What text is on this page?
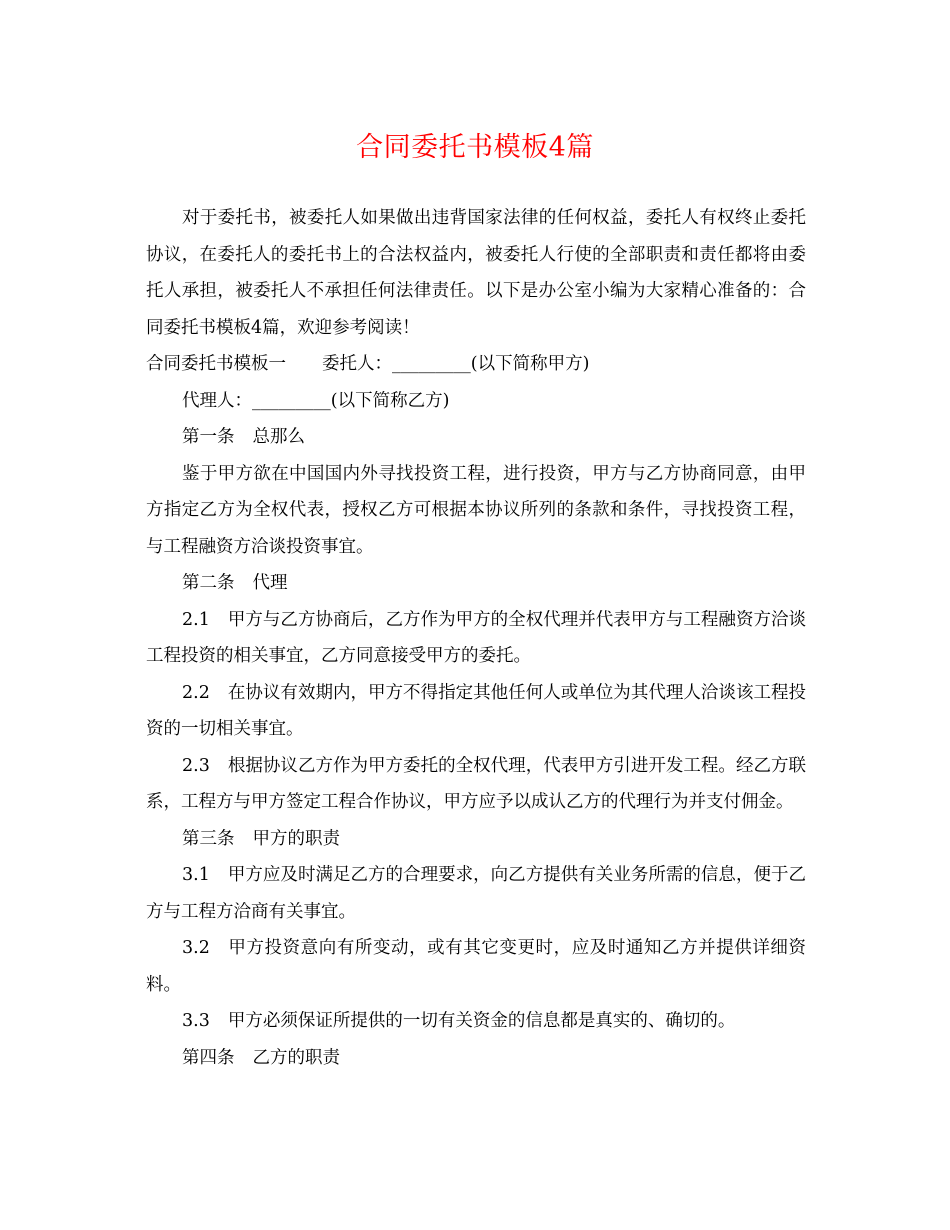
合同委托书模板4篇

对于委托书，被委托人如果做出违背国家法律的任何权益，委托人有权终止委托协议，在委托人的委托书上的合法权益内，被委托人行使的全部职责和责任都将由委托人承担，被委托人不承担任何法律责任。以下是办公室小编为大家精心准备的：合同委托书模板4篇，欢迎参考阅读！

合同委托书模板一 委托人：_________(以下简称甲方)

代理人：_________(以下简称乙方)

第一条 总那么

鉴于甲方欲在中国国内外寻找投资工程，进行投资，甲方与乙方协商同意，由甲方指定乙方为全权代表，授权乙方可根据本协议所列的条款和条件，寻找投资工程，与工程融资方洽谈投资事宜。

第二条 代理

2.1 甲方与乙方协商后，乙方作为甲方的全权代理并代表甲方与工程融资方洽谈工程投资的相关事宜，乙方同意接受甲方的委托。

2.2 在协议有效期内，甲方不得指定其他任何人或单位为其代理人洽谈该工程投资的一切相关事宜。

2.3 根据协议乙方作为甲方委托的全权代理，代表甲方引进开发工程。经乙方联系，工程方与甲方签定工程合作协议，甲方应予以成认乙方的代理行为并支付佣金。

第三条 甲方的职责

3.1 甲方应及时满足乙方的合理要求，向乙方提供有关业务所需的信息，便于乙方与工程方洽商有关事宜。

3.2 甲方投资意向有所变动，或有其它变更时，应及时通知乙方并提供详细资料。

3.3 甲方必须保证所提供的一切有关资金的信息都是真实的、确切的。

第四条 乙方的职责
